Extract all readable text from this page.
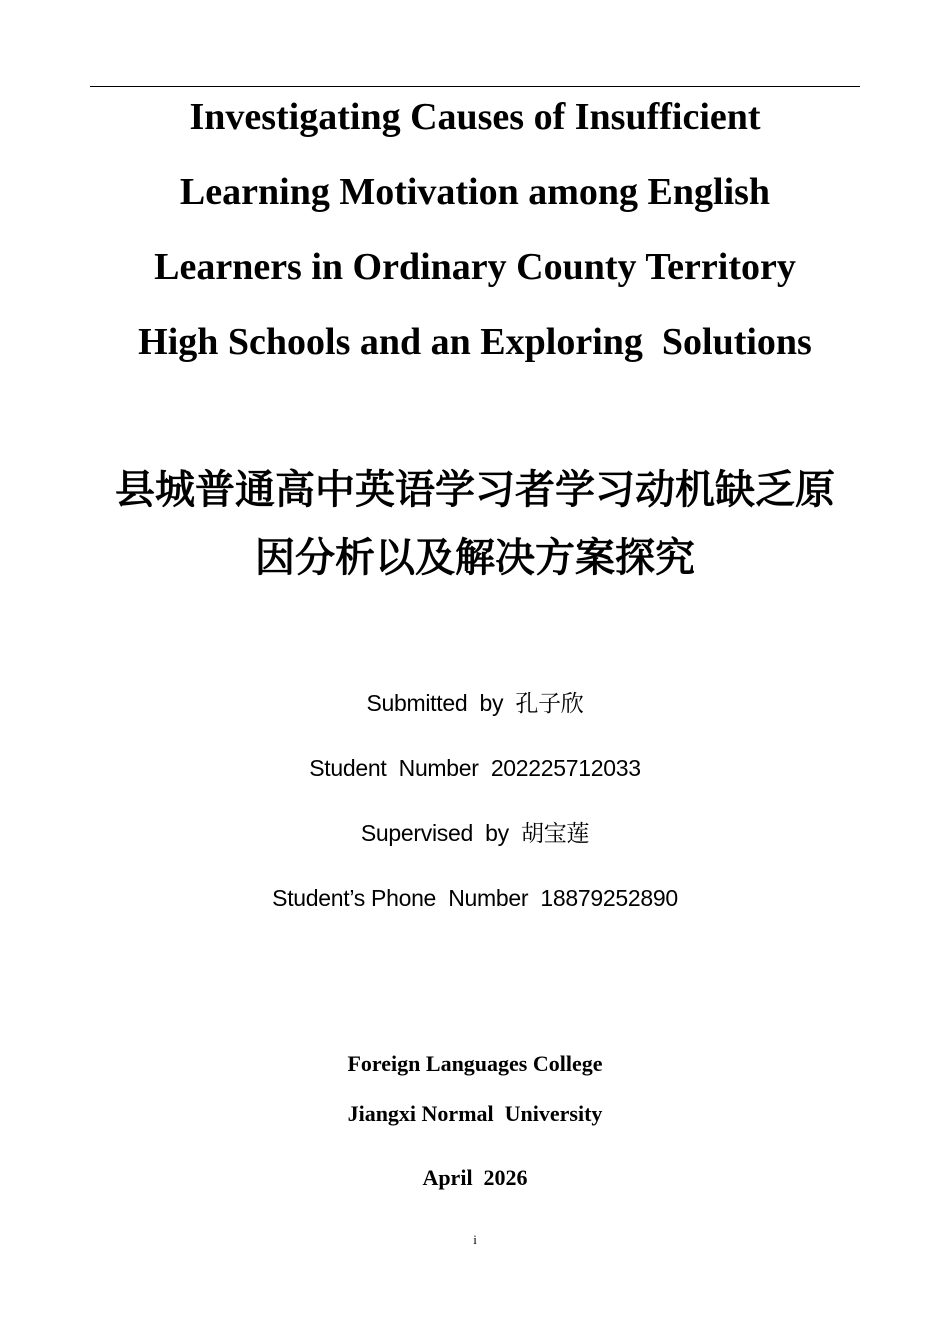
Investigating Causes of Insufficient
Learning Motivation among English
Learners in Ordinary County Territory
High Schools and an Exploring  Solutions
县城普通高中英语学习者学习动机缺乏原
因分析以及解决方案探究
Submitted  by  孔子欣
Student  Number  202225712033
Supervised  by  胡宝莲
Student’s Phone  Number  18879252890
Foreign Languages College
Jiangxi Normal  University
April  2026
i
